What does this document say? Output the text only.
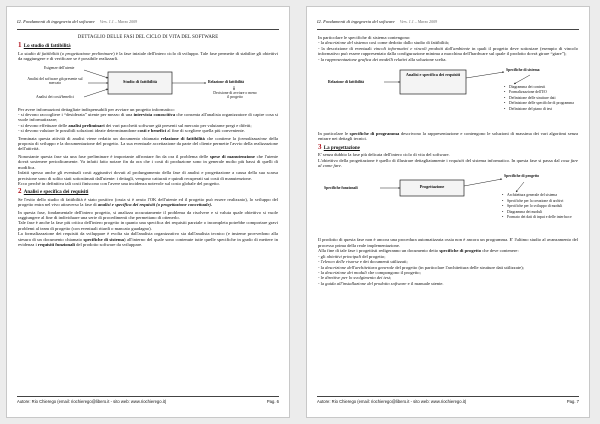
I2. Fondamenti di ingegneria del software Vers. 1.1 – Marzo 2009
DETTAGLIO DELLE FASI DEL CICLO DI VITA DEL SOFTWARE
1 Lo studio di fattibilità

Lo studio di fattibilità (o progettazione preliminare) è la fase iniziale dell'intero ciclo di sviluppo. Tale fase permette di stabilire gli obiettivi da raggiungere e di verificare se è possibile realizzarli.

Esigenze dell'utente
Analisi del software già presente sul mercato
Analisi dei costi/benefici
Studio di fattibilità	Relazione di fattibilità
Decisione di avviare o meno il progetto

Per avere informazioni dettagliate indispensabili per avviare un progetto informatico:

- si devono raccogliere i “desiderata” utente per mezzo di una intervista conoscitiva che consenta all'analista organizzatore di capire cosa si vuole informatizzare;

- si devono effettuare delle analisi preliminari dei vari pacchetti software già presenti sul mercato per valutarne pregi e difetti;

- si devono valutare le possibili soluzioni ideate determinandone costi e benefici al fine di scegliere quella più conveniente.

Terminata questa attività di analisi viene redatto un documento chiamato relazione di fattibilità che contiene la formalizzazione della proposta di sviluppo e la documentazione del progetto. La sua eventuale accettazione da parte del cliente permette l'avvio della realizzazione dell'attività.

Nonostante questa fase sia una fase preliminare è importante affrontare fin da ora il problema delle spese di manutenzione che l'utente dovrà sostenere periodicamente. Va infatti fatto notare fin da ora che i costi di produzione sono in generale molto più bassi di quelli di modifica.

Infatti spesso anche gli eventuali costi aggiuntivi dovuti al prolungamento della fase di analisi e progettazione a causa della sua scarsa precisione sono di solito stati sottostimati dall'utente: i dettagli, vengono catturati e quindi recuperati sui costi di manutenzione.

Ecco perché in definitiva tali costi finiscono con l'avere una incidenza notevole sul costo globale del progetto.

2 Analisi e specifica dei requisiti

Se l'esito dello studio di fattibilità è stato positivo (ossia si è avuto l'OK dell'utente ed il progetto può essere realizzato), lo sviluppo del progetto entra nel vivo attraverso la fase di analisi e specifica dei requisiti (o progettazione concettuale).

In questa fase, fondamentale dell'intero progetto, si analizza accuratamente il problema da risolvere e si valuta quale obiettivo si vuole raggiungere al fine di individuare una serie di procedimenti che permettano di ottenerlo.

Tale fase è anche la fase più critica dell'intero progetto in quanto una specifica dei requisiti parziale o incompleta potrebbe comportare gravi problemi al team di progetto (con eventuali ritardi o mancato guadagno).

La formalizzazione dei requisiti da sviluppare è evolta sia dall'analista organizzativo sia dall'analista tecnico (e insieme provvedono alla stesura di un documento chiamato specifiche di sistema) all'interno del quale sono contenute tutte quelle specifiche in grado di mettere in evidenza i requisiti funzionali del prodotto software da sviluppare.

Autore: Rio Chierego (email: riochierego@libero.it - sito web: www.riochierego.it)	Pag. 6
I2. Fondamenti di ingegneria del software Vers. 1.1 – Marzo 2009

In particolare le specifiche di sistema contengono:

- la descrizione del sistema così come dedotto dallo studio di fattibilità;

- la descrizione di eventuali vincoli informativi e vincoli prodotti dall'ambiente in quali il progetto deve sottostare (esempio di vincolo informativo può essere rappresentato dalla configurazione minima a macchina dell'hardware sul quale il prodotto dovrà girare “giare”);

- la rappresentazione grafica dei modelli relativi alla soluzione scelta.

Relazione di fattibilità
Analisi e specifica dei requisiti
Specifiche di sistema
• Diagramma dei contesti
• Formalizzazione dell'I/O
• Definizione delle strutture dati
• Definizione delle specifiche di programma
• Definizione del piano di test

In particolare le specifiche di programma descrivono la rappresentazione e contengono le soluzioni di massima dei vari algoritmi senza entrare nei dettagli tecnici.

3 La progettazione

E' senza dubbio la fase più delicata dell'intero ciclo di vita del software.

L'obiettivo della progettazione è quello di illustrare dettagliatamente i requisiti del sistema informatico. In questa fase si passa dal cosa fare al come fare.

Specifiche funzionali	Progettazione
Specifiche di progetto
• Architettura generale del sistema
• Specifiche per la creazione di archivi
• Specifiche per lo sviluppo di moduli
• Diagramma dei moduli
• Formato dei dati di input e delle interfacce

Il prodotto di questa fase non è ancora una procedura automatizzata ossia non è ancora un programma. E' l'ultimo studio al avanzamento del processo prima della reale implementazione.

Alla fine di tale fase i progettisti redigeranno un documento detto specifiche di progetto che deve contenere:

- gli obiettivi principali del progetto;

- l'elenco delle risorse e dei documenti utilizzati;

- la descrizione dell'architettura generale del progetto (in particolare l'architettura delle strutture dati utilizzate);

- la descrizione dei moduli che compongono il progetto;

- le direttive per lo svolgimento dei test;

- la guida all'installazione del prodotto software e il manuale utente.

Autore: Rio Chierego (email: riochierego@libero.it - sito web: www.riochierego.it)	Pag. 7
